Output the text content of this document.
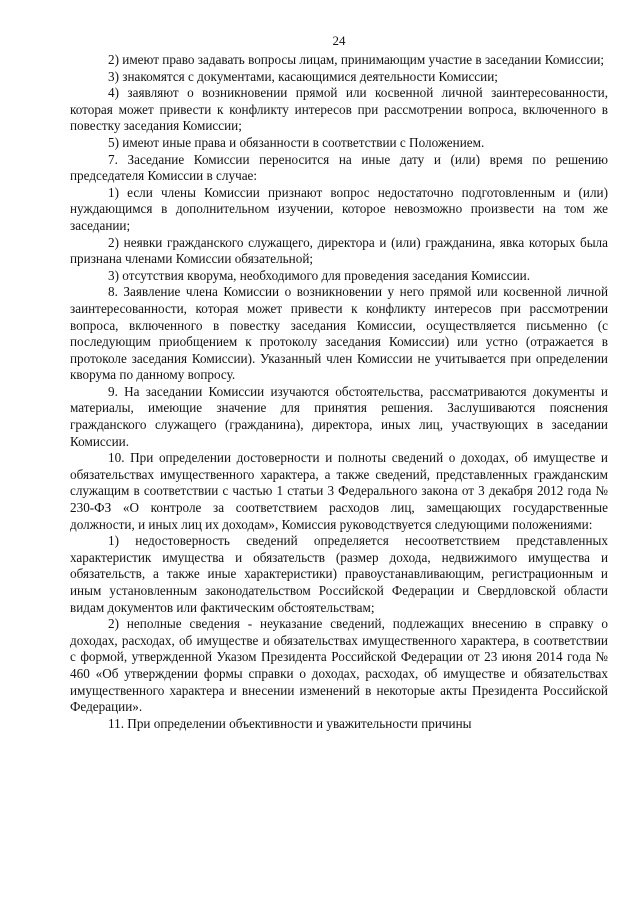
24

2) имеют право задавать вопросы лицам, принимающим участие в заседании Комиссии;

3) знакомятся с документами, касающимися деятельности Комиссии;

4) заявляют о возникновении прямой или косвенной личной заинтересованности, которая может привести к конфликту интересов при рассмотрении вопроса, включенного в повестку заседания Комиссии;

5) имеют иные права и обязанности в соответствии с Положением.

7. Заседание Комиссии переносится на иные дату и (или) время по решению председателя Комиссии в случае:

1) если члены Комиссии признают вопрос недостаточно подготовленным и (или) нуждающимся в дополнительном изучении, которое невозможно произвести на том же заседании;

2) неявки гражданского служащего, директора и (или) гражданина, явка которых была признана членами Комиссии обязательной;

3) отсутствия кворума, необходимого для проведения заседания Комиссии.

8. Заявление члена Комиссии о возникновении у него прямой или косвенной личной заинтересованности, которая может привести к конфликту интересов при рассмотрении вопроса, включенного в повестку заседания Комиссии, осуществляется письменно (с последующим приобщением к протоколу заседания Комиссии) или устно (отражается в протоколе заседания Комиссии). Указанный член Комиссии не учитывается при определении кворума по данному вопросу.

9. На заседании Комиссии изучаются обстоятельства, рассматриваются документы и материалы, имеющие значение для принятия решения. Заслушиваются пояснения гражданского служащего (гражданина), директора, иных лиц, участвующих в заседании Комиссии.

10. При определении достоверности и полноты сведений о доходах, об имуществе и обязательствах имущественного характера, а также сведений, представленных гражданским служащим в соответствии с частью 1 статьи 3 Федерального закона от 3 декабря 2012 года № 230-ФЗ «О контроле за соответствием расходов лиц, замещающих государственные должности, и иных лиц их доходам», Комиссия руководствуется следующими положениями:

1) недостоверность сведений определяется несоответствием представленных характеристик имущества и обязательств (размер дохода, недвижимого имущества и обязательств, а также иные характеристики) правоустанавливающим, регистрационным и иным установленным законодательством Российской Федерации и Свердловской области видам документов или фактическим обстоятельствам;

2) неполные сведения - неуказание сведений, подлежащих внесению в справку о доходах, расходах, об имуществе и обязательствах имущественного характера, в соответствии с формой, утвержденной Указом Президента Российской Федерации от 23 июня 2014 года № 460 «Об утверждении формы справки о доходах, расходах, об имуществе и обязательствах имущественного характера и внесении изменений в некоторые акты Президента Российской Федерации».

11. При определении объективности и уважительности причины
